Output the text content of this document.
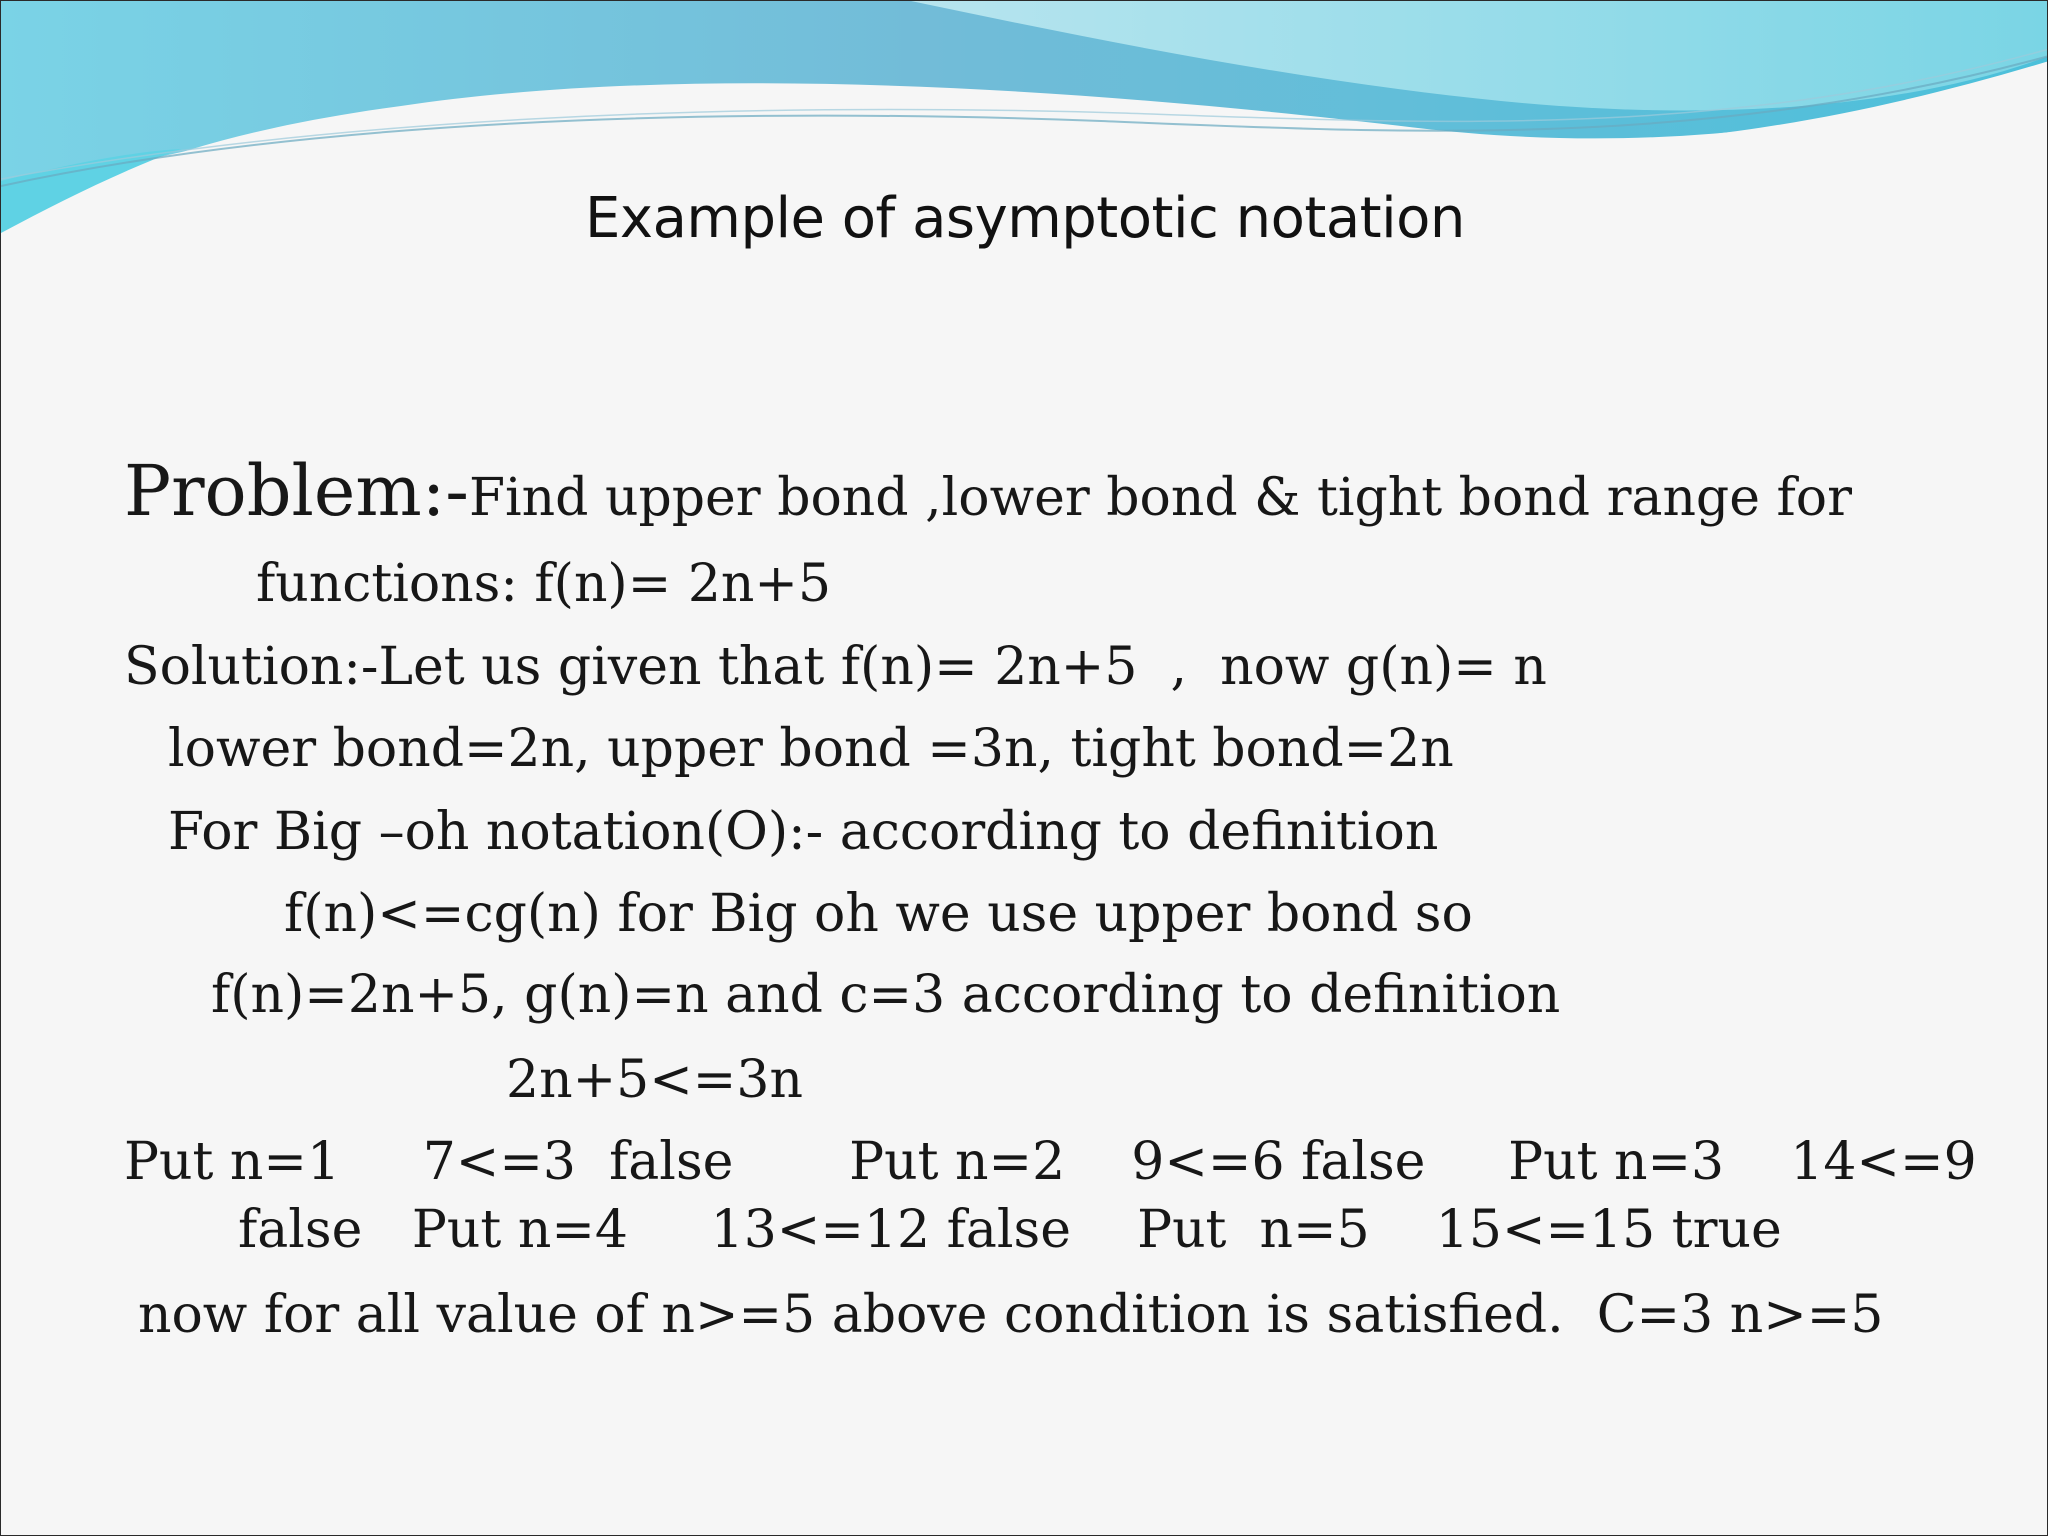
Example of asymptotic notation
Problem:-Find upper bond ,lower bond & tight bond range for
functions: f(n)= 2n+5
Solution:-Let us given that f(n)= 2n+5  ,  now g(n)= n
lower bond=2n, upper bond =3n, tight bond=2n
For Big –oh notation(O):- according to definition
f(n)<=cg(n) for Big oh we use upper bond so
f(n)=2n+5, g(n)=n and c=3 according to definition
2n+5<=3n
Put n=1     7<=3  false       Put n=2    9<=6 false     Put n=3    14<=9
false   Put n=4     13<=12 false    Put  n=5    15<=15 true
now for all value of n>=5 above condition is satisfied.  C=3 n>=5
